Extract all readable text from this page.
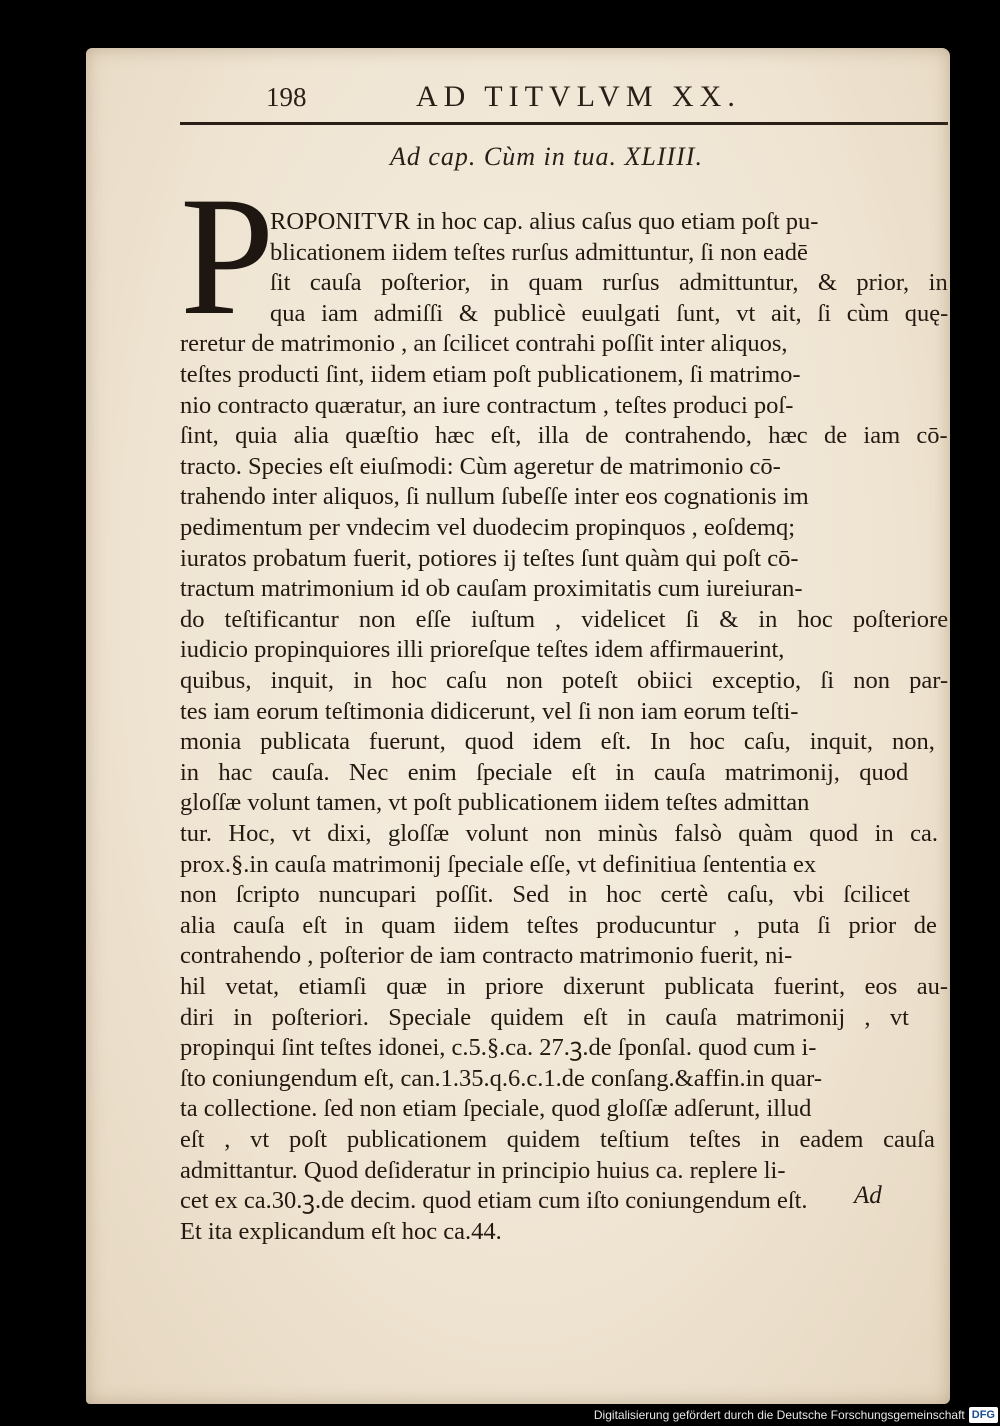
198	AD TITVLVM XX.
Ad cap. Cùm in tua. XLIIII.
P
ROPONITVR in hoc cap. alius caſus quo etiam poſt pu-
blicationem iidem teſtes rurſus admittuntur, ſi non eadē
ſit cauſa poſterior, in quam rurſus admittuntur, & prior, in
qua iam admiſſi & publicè euulgati ſunt, vt ait, ſi cùm quę-
reretur de matrimonio , an ſcilicet contrahi poſſit inter aliquos,
teſtes producti ſint, iidem etiam poſt publicationem, ſi matrimo-
nio contracto quæratur, an iure contractum , teſtes produci poſ-
ſint, quia alia quæſtio hæc eſt, illa de contrahendo, hæc de iam cō-
tracto. Species eſt eiuſmodi: Cùm ageretur de matrimonio cō-
trahendo inter aliquos, ſi nullum ſubeſſe inter eos cognationis im
pedimentum per vndecim vel duodecim propinquos , eoſdemq;
iuratos probatum fuerit, potiores ij teſtes ſunt quàm qui poſt cō-
tractum matrimonium id ob cauſam proximitatis cum iureiuran-
do teſtificantur non eſſe iuſtum , videlicet ſi & in hoc poſteriore
iudicio propinquiores illi prioreſque teſtes idem affirmauerint,
quibus, inquit, in hoc caſu non poteſt obiici exceptio, ſi non par-
tes iam eorum teſtimonia didicerunt, vel ſi non iam eorum teſti-
monia publicata fuerunt, quod idem eſt. In hoc caſu, inquit, non,
in hac cauſa. Nec enim ſpeciale eſt in cauſa matrimonij, quod
gloſſæ volunt tamen, vt poſt publicationem iidem teſtes admittan
tur. Hoc, vt dixi, gloſſæ volunt non minùs falsò quàm quod in ca.
prox.§.in cauſa matrimonij ſpeciale eſſe, vt definitiua ſententia ex
non ſcripto nuncupari poſſit. Sed in hoc certè caſu, vbi ſcilicet
alia cauſa eſt in quam iidem teſtes producuntur , puta ſi prior de
contrahendo , poſterior de iam contracto matrimonio fuerit, ni-
hil vetat, etiamſi quæ in priore dixerunt publicata fuerint, eos au-
diri in poſteriori. Speciale quidem eſt in cauſa matrimonij , vt
propinqui ſint teſtes idonei, c.5.§.ca. 27.ꝫ.de ſponſal. quod cum i-
ſto coniungendum eſt, can.1.35.q.6.c.1.de conſang.&affin.in quar-
ta collectione. ſed non etiam ſpeciale, quod gloſſæ adſerunt, illud
eſt , vt poſt publicationem quidem teſtium teſtes in eadem cauſa
admittantur. Quod deſideratur in principio huius ca. replere li-
cet ex ca.30.ꝫ.de decim. quod etiam cum iſto coniungendum eſt.
Et ita explicandum eſt hoc ca.44.
Ad
Digitalisierung gefördert durch die Deutsche Forschungsgemeinschaft DFG
